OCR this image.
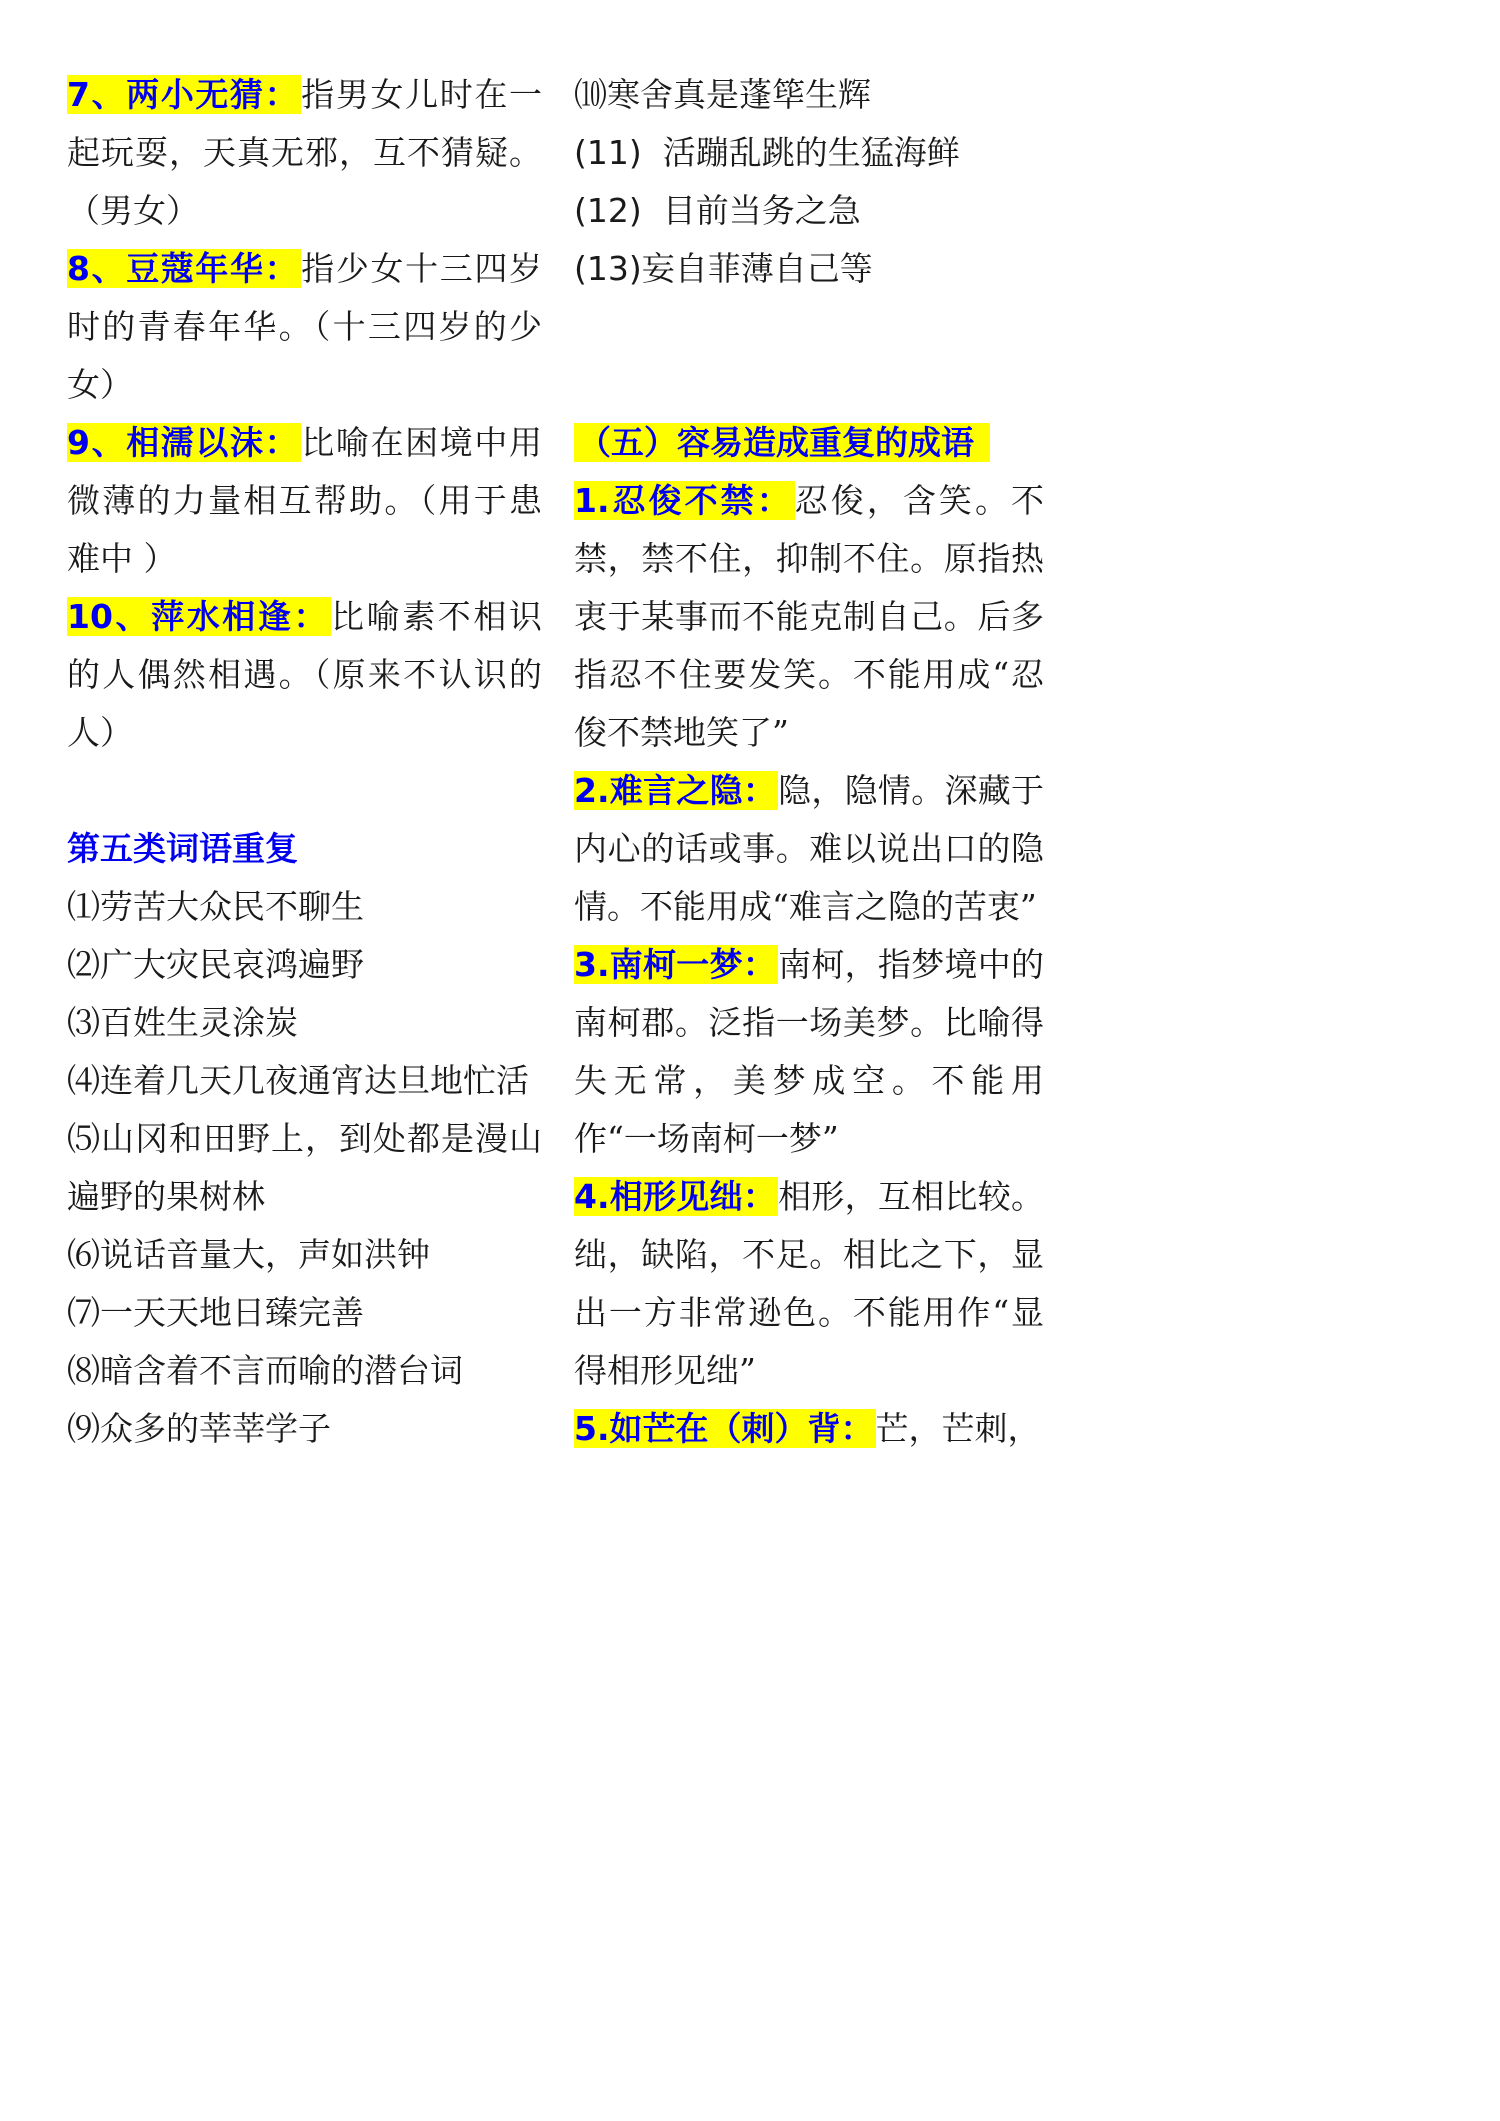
7、两小无猜：指男女儿时在一起玩耍，天真无邪，互不猜疑。（男女）

8、豆蔻年华：指少女十三四岁时的青春年华。（十三四岁的少女）

9、相濡以沫：比喻在困境中用微薄的力量相互帮助。（用于患难中 ）

10、萍水相逢：比喻素不相识的人偶然相遇。（原来不认识的人）

第五类词语重复

⑴劳苦大众民不聊生

⑵广大灾民哀鸿遍野

⑶百姓生灵涂炭

⑷连着几天几夜通宵达旦地忙活

⑸山冈和田野上，到处都是漫山遍野的果树林

⑹说话音量大，声如洪钟

⑺一天天地日臻完善

⑻暗含着不言而喻的潜台词

⑼众多的莘莘学子

⑽寒舍真是蓬筚生辉

(11)  活蹦乱跳的生猛海鲜

(12)  目前当务之急

(13)妄自菲薄自己等

（五）容易造成重复的成语

1.忍俊不禁：忍俊，含笑。不禁，禁不住，抑制不住。原指热衷于某事而不能克制自己。后多指忍不住要发笑。不能用成“忍俊不禁地笑了”

2.难言之隐：隐，隐情。深藏于内心的话或事。难以说出口的隐情。不能用成“难言之隐的苦衷”

3.南柯一梦：南柯，指梦境中的南柯郡。泛指一场美梦。比喻得失无常，美梦成空。不能用作“一场南柯一梦”

4.相形见绌：相形，互相比较。绌，缺陷，不足。相比之下，显出一方非常逊色。不能用作“显得相形见绌”

5.如芒在（刺）背：芒，芒刺，
